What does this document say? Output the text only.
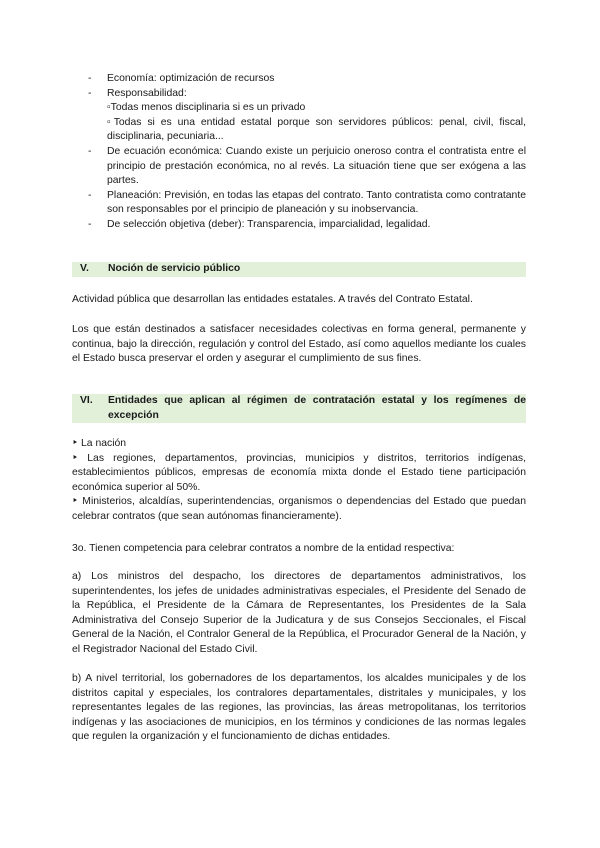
- Economía: optimización de recursos
- Responsabilidad:
▫Todas menos disciplinaria si es un privado
▫Todas si es una entidad estatal porque son servidores públicos: penal, civil, fiscal, disciplinaria, pecuniaria...
- De ecuación económica: Cuando existe un perjuicio oneroso contra el contratista entre el principio de prestación económica, no al revés. La situación tiene que ser exógena a las partes.
- Planeación: Previsión, en todas las etapas del contrato. Tanto contratista como contratante son responsables por el principio de planeación y su inobservancia.
- De selección objetiva (deber): Transparencia, imparcialidad, legalidad.
V.	Noción de servicio público
Actividad pública que desarrollan las entidades estatales. A través del Contrato Estatal.
Los que están destinados a satisfacer necesidades colectivas en forma general, permanente y continua, bajo la dirección, regulación y control del Estado, así como aquellos mediante los cuales el Estado busca preservar el orden y asegurar el cumplimiento de sus fines.
VI.	Entidades que aplican al régimen de contratación estatal y los regímenes de excepción
‣ La nación
‣ Las regiones, departamentos, provincias, municipios y distritos, territorios indígenas, establecimientos públicos, empresas de economía mixta donde el Estado tiene participación económica superior al 50%.
‣ Ministerios, alcaldías, superintendencias, organismos o dependencias del Estado que puedan celebrar contratos (que sean autónomas financieramente).
3o. Tienen competencia para celebrar contratos a nombre de la entidad respectiva:
a) Los ministros del despacho, los directores de departamentos administrativos, los superintendentes, los jefes de unidades administrativas especiales, el Presidente del Senado de la República, el Presidente de la Cámara de Representantes, los Presidentes de la Sala Administrativa del Consejo Superior de la Judicatura y de sus Consejos Seccionales, el Fiscal General de la Nación, el Contralor General de la República, el Procurador General de la Nación, y el Registrador Nacional del Estado Civil.
b) A nivel territorial, los gobernadores de los departamentos, los alcaldes municipales y de los distritos capital y especiales, los contralores departamentales, distritales y municipales, y los representantes legales de las regiones, las provincias, las áreas metropolitanas, los territorios indígenas y las asociaciones de municipios, en los términos y condiciones de las normas legales que regulen la organización y el funcionamiento de dichas entidades.
